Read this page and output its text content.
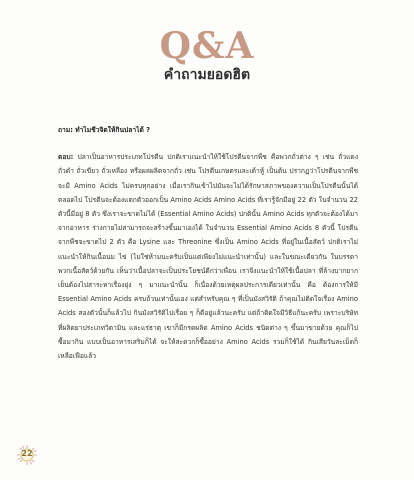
Q&A
คำถามยอดฮิต
ถาม: ทำไมชีวจิตให้กินปลาได้ ?

ตอบ: ปลาเป็นอาหารประเภทโปรตีน ปกติเราแนะนำให้ใช้โปรตีนจากพืช คือพวกถั่วต่าง ๆ เช่น ถั่วแดง ถั่วดำ ถั่วเขียว ถั่วเหลือง หรือผลผลิตจากถั่ว เช่น โปรตีนเกษตรและเต้าหู้ เป็นต้น ปรากฏว่าโปรตีนจากพืชจะมี Amino Acids ไม่ครบทุกอย่าง เมื่อเรากินเข้าไปมันจะไม่ได้รักษาสภาพของความเป็นโปรตีนนั้นได้ตลอดไป โปรตีนจะต้องแตกตัวออกเป็น Amino Acids Amino Acids ที่เรารู้จักมีอยู่ 22 ตัว ในจำนวน 22 ตัวนี้มีอยู่ 8 ตัว ซึ่งเราจะขาดไม่ได้ (Essential Amino Acids) ปกตินั้น Amino Acids ทุกตัวจะต้องได้มาจากอาหาร ร่างกายไม่สามารถจะสร้างขึ้นมาเองได้ ในจำนวน Essential Amino Acids 8 ตัวนี้ โปรตีนจากพืชจะขาดไป 2 ตัว คือ Lysine และ Threonine ซึ่งเป็น Amino Acids ที่อยู่ในเนื้อสัตว์ ปกติเราไม่แนะนำให้กินเนื้อนม ไข่ (ไม่ใช่ห้ามนะครับเป็นแต่เพียงไม่แนะนำเท่านั้น) และในขณะเดียวกัน ในบรรดาพวกเนื้อสัตว์ด้วยกัน เห็นว่าเนื้อปลาจะเป็นประโยชน์ดีกว่าเพื่อน เราจึงแนะนำให้ใช้เนื้อปลา ที่ล้างบากยากเย็นต้องไปสาระหาเรื่องยุ่ง ๆ มาแนะนำนั้น ก็เนื่องด้วยเหตุผลประการเดียวเท่านั้น คือ ต้องการให้มี Essential Amino Acids ครบถ้วนเท่านั้นเอง แต่สำหรับคุณ ๆ ที่เป็นมังสวิรัติ ถ้าคุณไม่ติดใจเรื่อง Amino Acids สองตัวนั้นก็แล้วไป กินมังสวิรัติไปเรื่อย ๆ ก็ดีอยู่แล้วนะครับ แต่ถ้าติดใจมีวิธีแก้นะครับ เพราะบริษัทที่ผลิตยาประเภทวิตามิน และแร่ธาตุ เขาก็มีกรดผลิต Amino Acids ชนิดต่าง ๆ ขึ้นมาขายด้วย คุณก็ไปซื้อมากิน แบบเป็นอาหารเสริมก็ได้ จะให้สะดวกก็ซื้ออย่าง Amino Acids รวมก็ใช้ได้ กินเสียวันละเม็ดก็เหลือเฟือแล้ว

22
